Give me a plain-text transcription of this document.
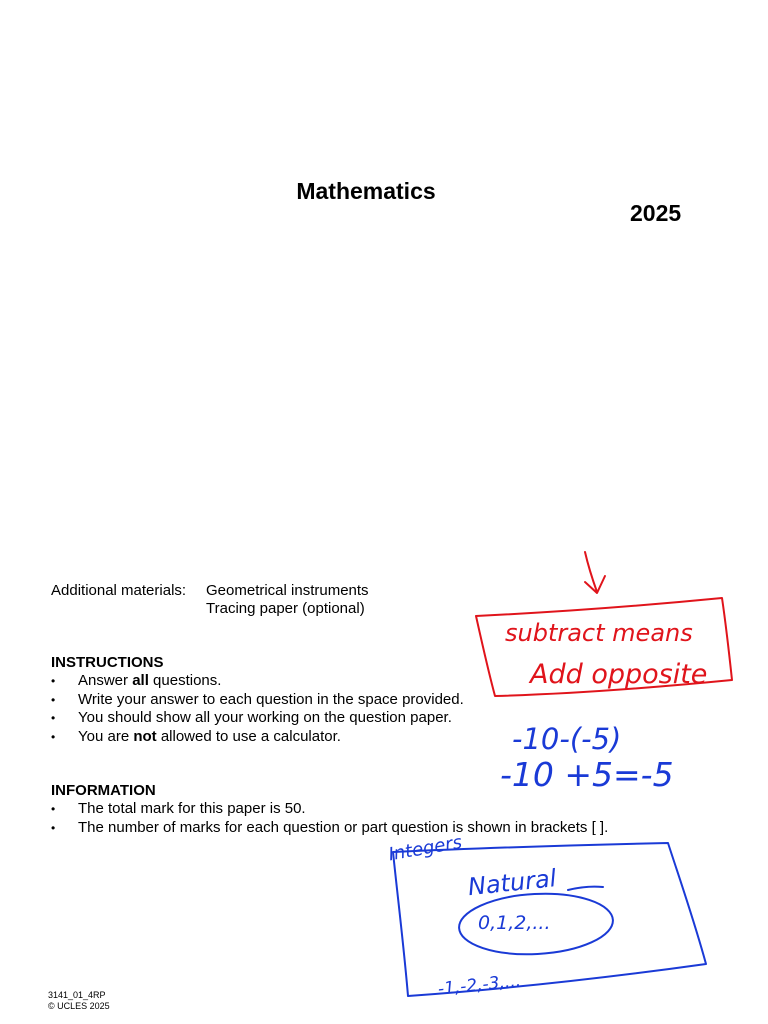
Mathematics
2025
Additional materials: Geometrical instruments
Tracing paper (optional)
INSTRUCTIONS
• Answer all questions.
• Write your answer to each question in the space provided.
• You should show all your working on the question paper.
• You are not allowed to use a calculator.
INFORMATION
• The total mark for this paper is 50.
• The number of marks for each question or part question is shown in brackets [ ].
3141_01_4RP
© UCLES 2025
subtract means
Add opposite
-10-(-5)
-10 +5=-5
Integers
Natural
0,1,2,...
-1,-2,-3,...
